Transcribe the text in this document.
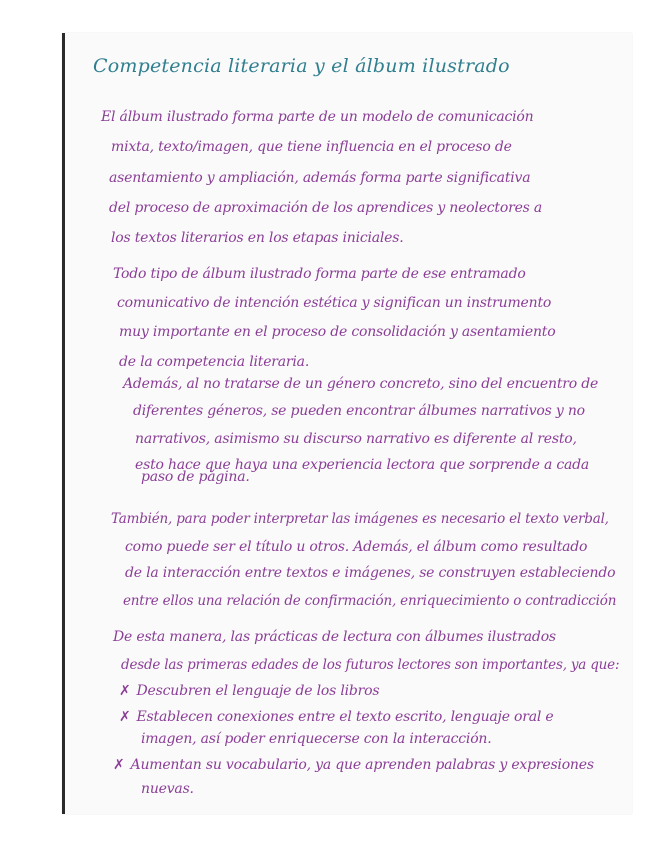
Competencia literaria y el álbum ilustrado
El álbum ilustrado forma parte de un modelo de comunicación
mixta, texto/imagen, que tiene influencia en el proceso de
asentamiento y ampliación, además forma parte significativa
del proceso de aproximación de los aprendices y neolectores a
los textos literarios en los etapas iniciales.
Todo tipo de álbum ilustrado forma parte de ese entramado
comunicativo de intención estética y significan un instrumento
muy importante en el proceso de consolidación y asentamiento
de la competencia literaria.
Además, al no tratarse de un género concreto, sino del encuentro de
diferentes géneros, se pueden encontrar álbumes narrativos y no
narrativos, asimismo su discurso narrativo es diferente al resto,
esto hace que haya una experiencia lectora que sorprende a cada
paso de página.
También, para poder interpretar las imágenes es necesario el texto verbal,
como puede ser el título u otros. Además, el álbum como resultado
de la interacción entre textos e imágenes, se construyen estableciendo
entre ellos una relación de confirmación, enriquecimiento o contradicción
De esta manera, las prácticas de lectura con álbumes ilustrados
desde las primeras edades de los futuros lectores son importantes, ya que:
✗ Descubren el lenguaje de los libros
✗ Establecen conexiones entre el texto escrito, lenguaje oral e
imagen, así poder enriquecerse con la interacción.
✗ Aumentan su vocabulario, ya que aprenden palabras y expresiones
nuevas.
